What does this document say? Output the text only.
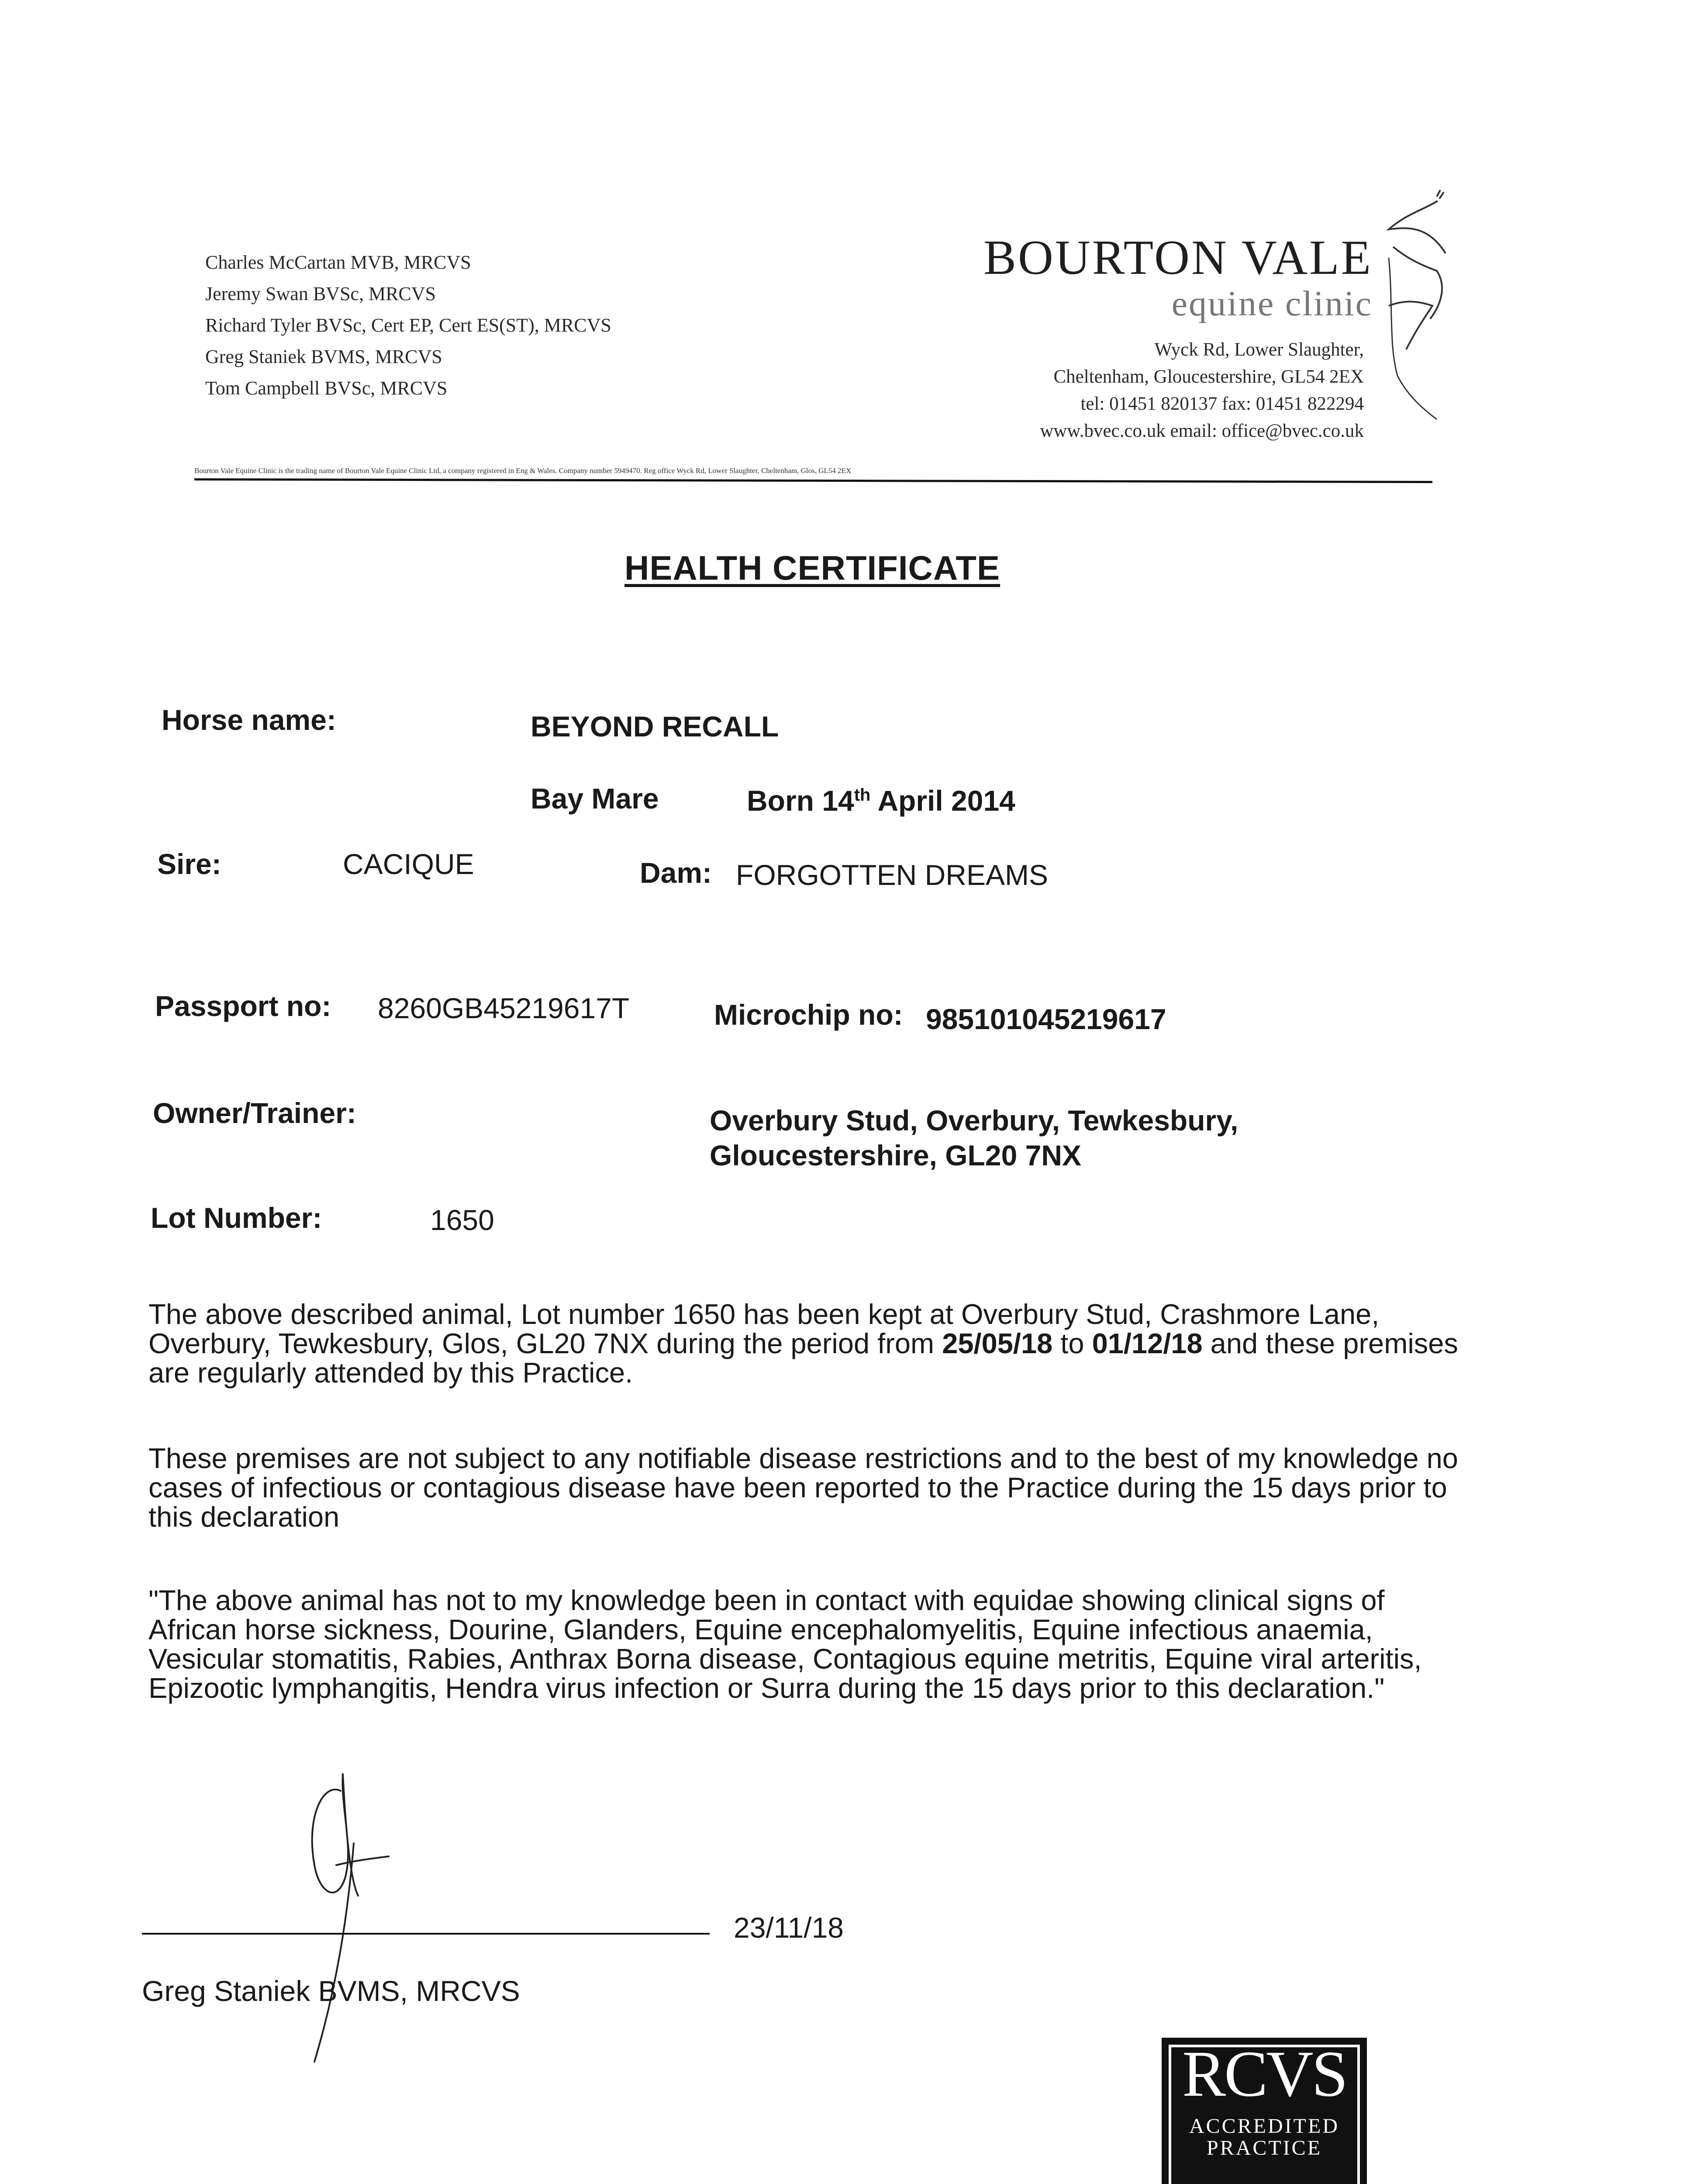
Charles McCartan MVB, MRCVS
Jeremy Swan BVSc, MRCVS
Richard Tyler BVSc, Cert EP, Cert ES(ST), MRCVS
Greg Staniek BVMS, MRCVS
Tom Campbell BVSc, MRCVS
BOURTON VALE
equine clinic
Wyck Rd, Lower Slaughter,
Cheltenham, Gloucestershire, GL54 2EX
tel: 01451 820137 fax: 01451 822294
www.bvec.co.uk email: office@bvec.co.uk
Bourton Vale Equine Clinic is the trading name of Bourton Vale Equine Clinic Ltd, a company registered in Eng & Wales. Company number 5949470. Reg office Wyck Rd, Lower Slaughter, Cheltenham, Glos, GL54 2EX
HEALTH CERTIFICATE
Horse name:	BEYOND RECALL
Bay Mare	Born 14th April 2014
Sire:	CACIQUE	Dam: FORGOTTEN DREAMS
Passport no: 8260GB45219617T	Microchip no: 985101045219617
Owner/Trainer:	Overbury Stud, Overbury, Tewkesbury,
Gloucestershire, GL20 7NX
Lot Number:	1650
The above described animal, Lot number 1650 has been kept at Overbury Stud, Crashmore Lane, Overbury, Tewkesbury, Glos, GL20 7NX during the period from 25/05/18 to 01/12/18 and these premises are regularly attended by this Practice.
These premises are not subject to any notifiable disease restrictions and to the best of my knowledge no cases of infectious or contagious disease have been reported to the Practice during the 15 days prior to this declaration
"The above animal has not to my knowledge been in contact with equidae showing clinical signs of African horse sickness, Dourine, Glanders, Equine encephalomyelitis, Equine infectious anaemia, Vesicular stomatitis, Rabies, Anthrax Borna disease, Contagious equine metritis, Equine viral arteritis, Epizootic lymphangitis, Hendra virus infection or Surra during the 15 days prior to this declaration."
23/11/18
Greg Staniek BVMS, MRCVS
RCVS
ACCREDITED
PRACTICE
